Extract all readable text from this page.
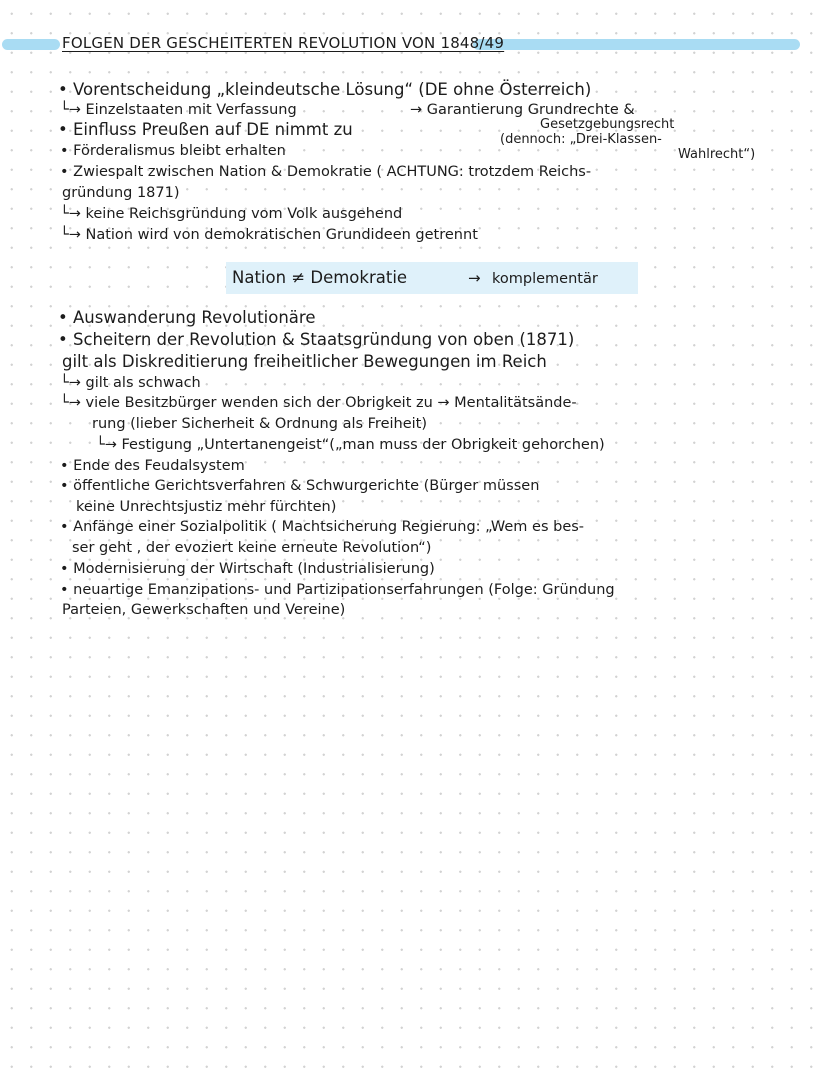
FOLGEN DER GESCHEITERTEN REVOLUTION VON 1848/49
• Vorentscheidung „kleindeutsche Lösung“ (DE ohne Österreich)
└→ Einzelstaaten mit Verfassung	→ Garantierung Grundrechte &
Gesetzgebungsrecht
• Einfluss Preußen auf DE nimmt zu
(dennoch: „Drei-Klassen-
Wahlrecht“)
• Förderalismus bleibt erhalten
• Zwiespalt zwischen Nation & Demokratie ( ACHTUNG: trotzdem Reichs-
gründung 1871)
└→ keine Reichsgründung vom Volk ausgehend
└→ Nation wird von demokratischen Grundideen getrennt
Nation ≠ Demokratie	→ komplementär
• Auswanderung Revolutionäre
• Scheitern der Revolution & Staatsgründung von oben (1871)
gilt als Diskreditierung freiheitlicher Bewegungen im Reich
└→ gilt als schwach
└→ viele Besitzbürger wenden sich der Obrigkeit zu → Mentalitätsände-
rung (lieber Sicherheit & Ordnung als Freiheit)
└→ Festigung „Untertanengeist“(„man muss der Obrigkeit gehorchen)
• Ende des Feudalsystem
• öffentliche Gerichtsverfahren & Schwurgerichte (Bürger müssen
keine Unrechtsjustiz mehr fürchten)
• Anfänge einer Sozialpolitik ( Machtsicherung Regierung: „Wem es bes-
ser geht , der evoziert keine erneute Revolution“)
• Modernisierung der Wirtschaft (Industrialisierung)
• neuartige Emanzipations- und Partizipationserfahrungen (Folge: Gründung
Parteien, Gewerkschaften und Vereine)
